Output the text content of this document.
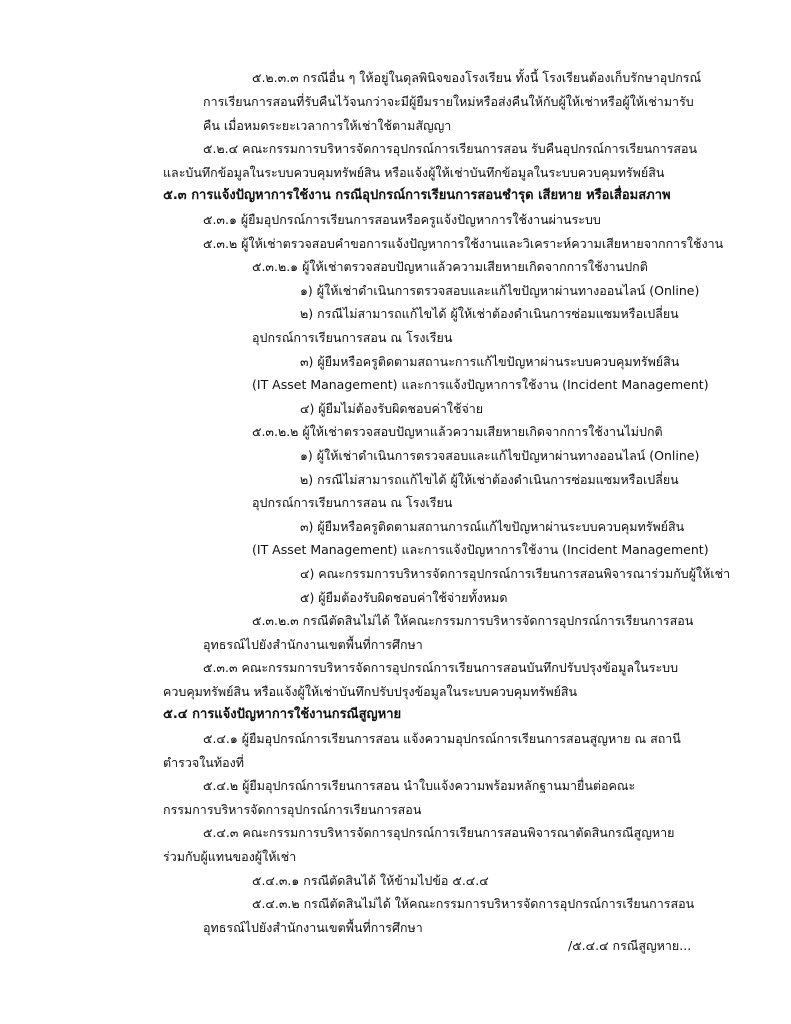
๕.๒.๓.๓ กรณีอื่น ๆ ให้อยู่ในดุลพินิจของโรงเรียน ทั้งนี้ โรงเรียนต้องเก็บรักษาอุปกรณ์
การเรียนการสอนที่รับคืนไว้จนกว่าจะมีผู้ยืมรายใหม่หรือส่งคืนให้กับผู้ให้เช่าหรือผู้ให้เช่ามารับ
คืน เมื่อหมดระยะเวลาการให้เช่าใช้ตามสัญญา
๕.๒.๔ คณะกรรมการบริหารจัดการอุปกรณ์การเรียนการสอน รับคืนอุปกรณ์การเรียนการสอน
และบันทึกข้อมูลในระบบควบคุมทรัพย์สิน หรือแจ้งผู้ให้เช่าบันทึกข้อมูลในระบบควบคุมทรัพย์สิน
๕.๓ การแจ้งปัญหาการใช้งาน กรณีอุปกรณ์การเรียนการสอนชำรุด เสียหาย หรือเสื่อมสภาพ
๕.๓.๑ ผู้ยืมอุปกรณ์การเรียนการสอนหรือครูแจ้งปัญหาการใช้งานผ่านระบบ
๕.๓.๒ ผู้ให้เช่าตรวจสอบคำขอการแจ้งปัญหาการใช้งานและวิเคราะห์ความเสียหายจากการใช้งาน
๕.๓.๒.๑ ผู้ให้เช่าตรวจสอบปัญหาแล้วความเสียหายเกิดจากการใช้งานปกติ
๑) ผู้ให้เช่าดำเนินการตรวจสอบและแก้ไขปัญหาผ่านทางออนไลน์ (Online)
๒) กรณีไม่สามารถแก้ไขได้ ผู้ให้เช่าต้องดำเนินการซ่อมแซมหรือเปลี่ยน
อุปกรณ์การเรียนการสอน ณ โรงเรียน
๓) ผู้ยืมหรือครูติดตามสถานะการแก้ไขปัญหาผ่านระบบควบคุมทรัพย์สิน
(IT Asset Management) และการแจ้งปัญหาการใช้งาน (Incident Management)
๔) ผู้ยืมไม่ต้องรับผิดชอบค่าใช้จ่าย
๕.๓.๒.๒ ผู้ให้เช่าตรวจสอบปัญหาแล้วความเสียหายเกิดจากการใช้งานไม่ปกติ
๑) ผู้ให้เช่าดำเนินการตรวจสอบและแก้ไขปัญหาผ่านทางออนไลน์ (Online)
๒) กรณีไม่สามารถแก้ไขได้ ผู้ให้เช่าต้องดำเนินการซ่อมแซมหรือเปลี่ยน
อุปกรณ์การเรียนการสอน ณ โรงเรียน
๓) ผู้ยืมหรือครูติดตามสถานการณ์แก้ไขปัญหาผ่านระบบควบคุมทรัพย์สิน
(IT Asset Management) และการแจ้งปัญหาการใช้งาน (Incident Management)
๔) คณะกรรมการบริหารจัดการอุปกรณ์การเรียนการสอนพิจารณาร่วมกับผู้ให้เช่า
๕) ผู้ยืมต้องรับผิดชอบค่าใช้จ่ายทั้งหมด
๕.๓.๒.๓ กรณีตัดสินไม่ได้ ให้คณะกรรมการบริหารจัดการอุปกรณ์การเรียนการสอน
อุทธรณ์ไปยังสำนักงานเขตพื้นที่การศึกษา
๕.๓.๓ คณะกรรมการบริหารจัดการอุปกรณ์การเรียนการสอนบันทึกปรับปรุงข้อมูลในระบบ
ควบคุมทรัพย์สิน หรือแจ้งผู้ให้เช่าบันทึกปรับปรุงข้อมูลในระบบควบคุมทรัพย์สิน
๕.๔ การแจ้งปัญหาการใช้งานกรณีสูญหาย
๕.๔.๑ ผู้ยืมอุปกรณ์การเรียนการสอน แจ้งความอุปกรณ์การเรียนการสอนสูญหาย ณ สถานี
ตำรวจในท้องที่
๕.๔.๒ ผู้ยืมอุปกรณ์การเรียนการสอน นำใบแจ้งความพร้อมหลักฐานมายื่นต่อคณะ
กรรมการบริหารจัดการอุปกรณ์การเรียนการสอน
๕.๔.๓ คณะกรรมการบริหารจัดการอุปกรณ์การเรียนการสอนพิจารณาตัดสินกรณีสูญหาย
ร่วมกับผู้แทนของผู้ให้เช่า
๕.๔.๓.๑ กรณีตัดสินได้ ให้ข้ามไปข้อ ๕.๔.๔
๕.๔.๓.๒ กรณีตัดสินไม่ได้ ให้คณะกรรมการบริหารจัดการอุปกรณ์การเรียนการสอน
อุทธรณ์ไปยังสำนักงานเขตพื้นที่การศึกษา
/๕.๔.๔ กรณีสูญหาย...
